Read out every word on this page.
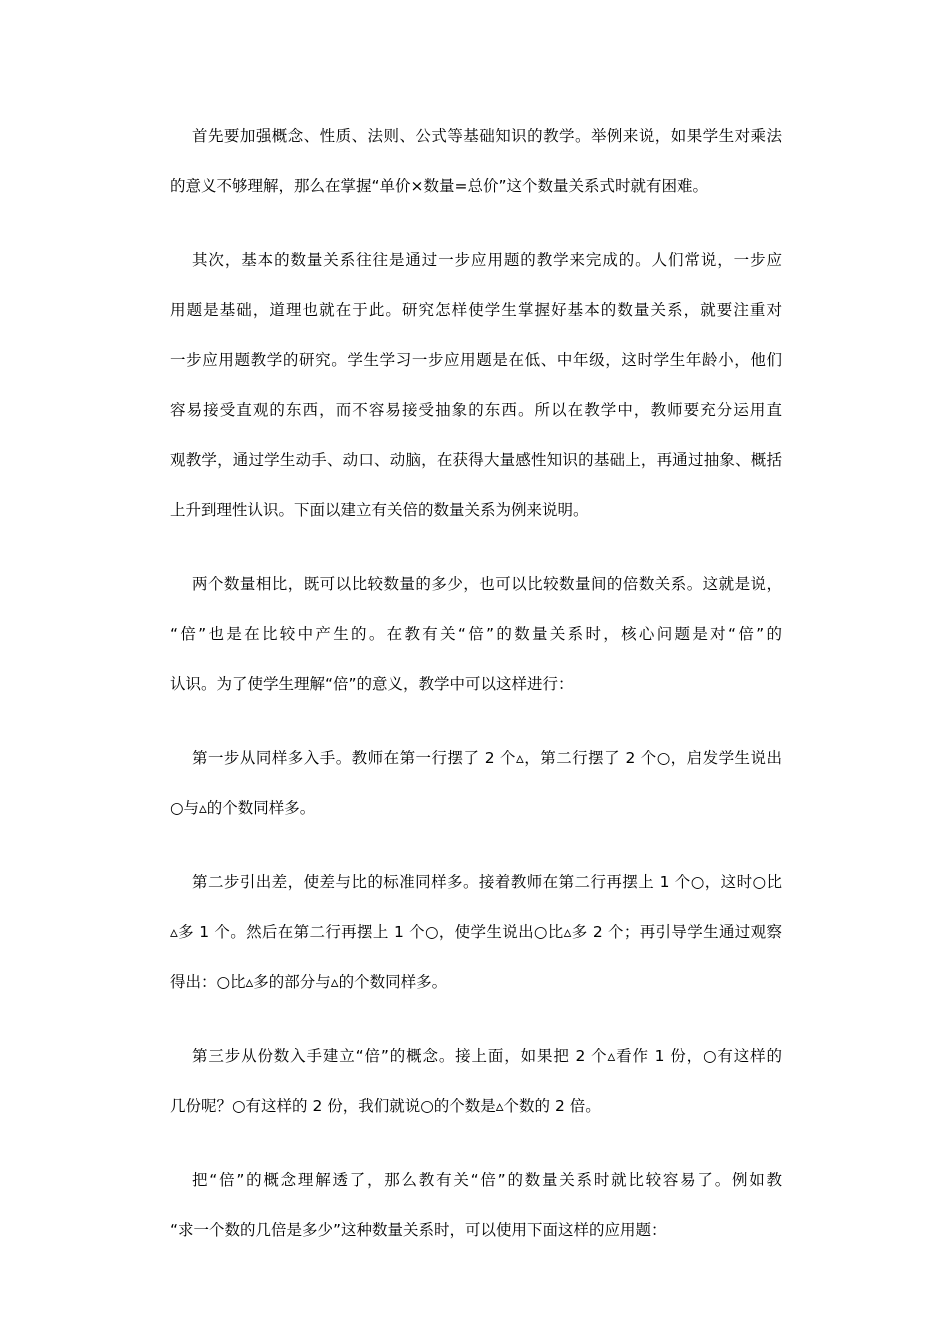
首先要加强概念、性质、法则、公式等基础知识的教学。举例来说，如果学生对乘法
的意义不够理解，那么在掌握“单价×数量=总价”这个数量关系式时就有困难。
其次，基本的数量关系往往是通过一步应用题的教学来完成的。人们常说，一步应
用题是基础，道理也就在于此。研究怎样使学生掌握好基本的数量关系，就要注重对
一步应用题教学的研究。学生学习一步应用题是在低、中年级，这时学生年龄小，他们
容易接受直观的东西，而不容易接受抽象的东西。所以在教学中，教师要充分运用直
观教学，通过学生动手、动口、动脑，在获得大量感性知识的基础上，再通过抽象、概括
上升到理性认识。下面以建立有关倍的数量关系为例来说明。
两个数量相比，既可以比较数量的多少，也可以比较数量间的倍数关系。这就是说，
“倍”也是在比较中产生的。在教有关“倍”的数量关系时，核心问题是对“倍”的
认识。为了使学生理解“倍”的意义，教学中可以这样进行：
第一步从同样多入手。教师在第一行摆了 2 个▵，第二行摆了 2 个○，启发学生说出
○与▵的个数同样多。
第二步引出差，使差与比的标准同样多。接着教师在第二行再摆上 1 个○，这时○比
▵多 1 个。然后在第二行再摆上 1 个○，使学生说出○比▵多 2 个；再引导学生通过观察
得出：○比▵多的部分与▵的个数同样多。
第三步从份数入手建立“倍”的概念。接上面，如果把 2 个▵看作 1 份，○有这样的
几份呢？○有这样的 2 份，我们就说○的个数是▵个数的 2 倍。
把“倍”的概念理解透了，那么教有关“倍”的数量关系时就比较容易了。例如教
“求一个数的几倍是多少”这种数量关系时，可以使用下面这样的应用题：
